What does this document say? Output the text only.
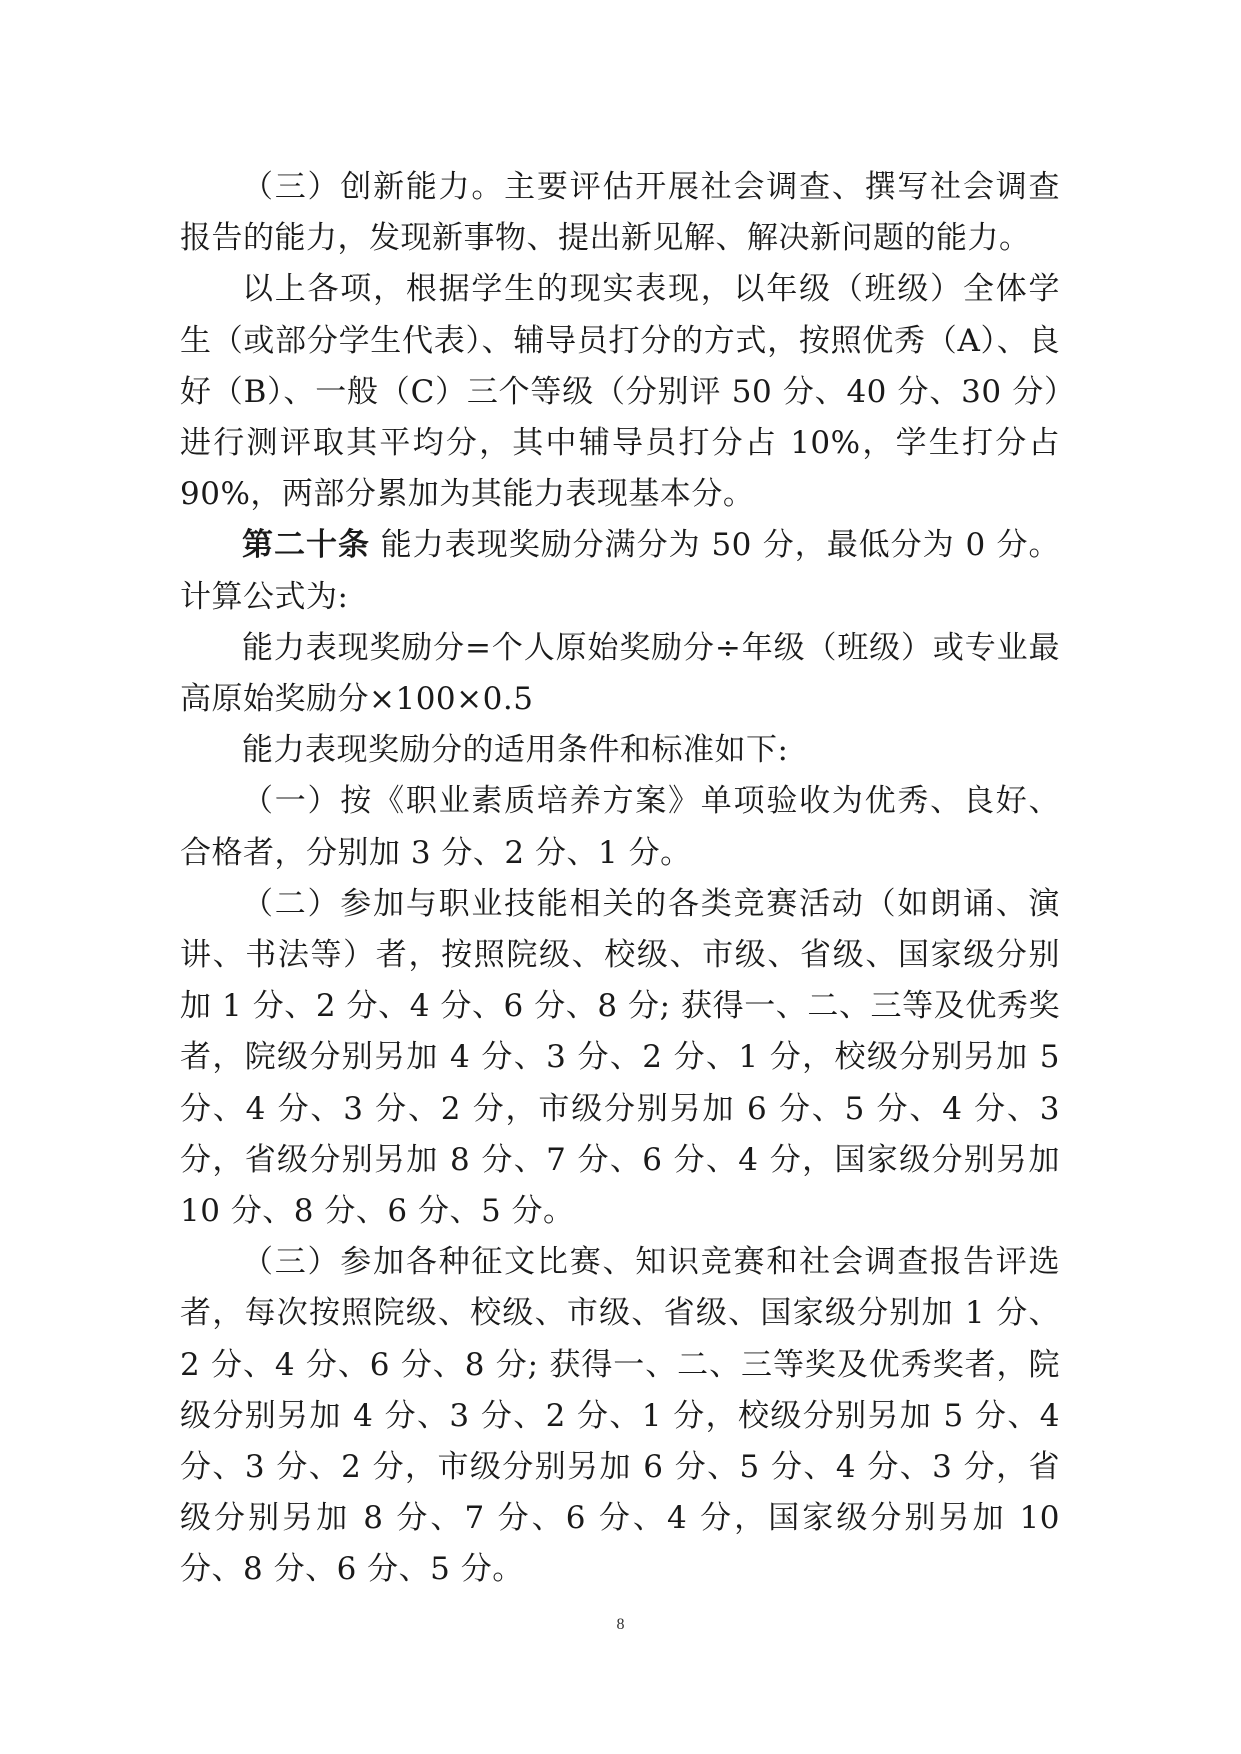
（三）创新能力。主要评估开展社会调查、撰写社会调查报告的能力，发现新事物、提出新见解、解决新问题的能力。

以上各项，根据学生的现实表现，以年级（班级）全体学生（或部分学生代表）、辅导员打分的方式，按照优秀（A）、良好（B）、一般（C）三个等级（分别评 50 分、40 分、30 分）进行测评取其平均分，其中辅导员打分占 10%，学生打分占 90%，两部分累加为其能力表现基本分。

第二十条 能力表现奖励分满分为 50 分，最低分为 0 分。计算公式为:

能力表现奖励分=个人原始奖励分÷年级（班级）或专业最高原始奖励分×100×0.5

能力表现奖励分的适用条件和标准如下:

（一）按《职业素质培养方案》单项验收为优秀、良好、合格者，分别加 3 分、2 分、1 分。

（二）参加与职业技能相关的各类竞赛活动（如朗诵、演讲、书法等）者，按照院级、校级、市级、省级、国家级分别加 1 分、2 分、4 分、6 分、8 分; 获得一、二、三等及优秀奖者，院级分别另加 4 分、3 分、2 分、1 分，校级分别另加 5 分、4 分、3 分、2 分，市级分别另加 6 分、5 分、4 分、3 分，省级分别另加 8 分、7 分、6 分、4 分，国家级分别另加 10 分、8 分、6 分、5 分。

（三）参加各种征文比赛、知识竞赛和社会调查报告评选者，每次按照院级、校级、市级、省级、国家级分别加 1 分、2 分、4 分、6 分、8 分; 获得一、二、三等奖及优秀奖者，院级分别另加 4 分、3 分、2 分、1 分，校级分别另加 5 分、4 分、3 分、2 分，市级分别另加 6 分、5 分、4 分、3 分，省级分别另加 8 分、7 分、6 分、4 分，国家级分别另加 10 分、8 分、6 分、5 分。

8
